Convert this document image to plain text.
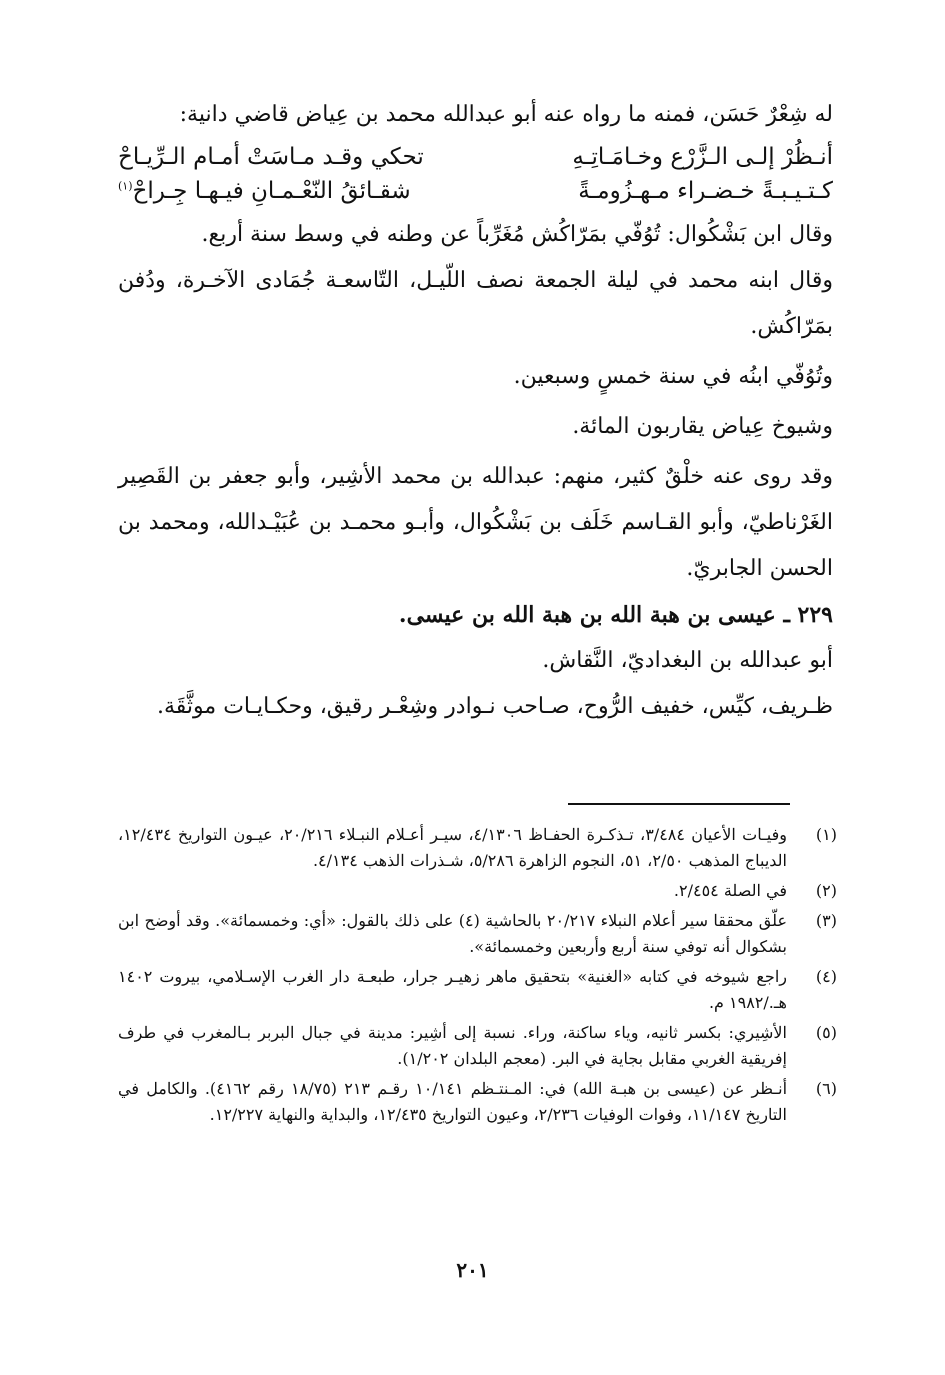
له شِعْرٌ حَسَن، فمنه ما رواه عنه أبو عبدالله محمد بن عِياض قاضي دانية:

أنـظُرْ إلـى الـزَّرْع وخـامَـاتِـهِ
تحكي وقـد مـاسَتْ أمـام الـرِّيـاحْ
كـتـيـبـةً خـضـراء مـهـزُومـةً
شقـائقُ النّعْـمـانِ فيـهـا جِـراحْ$^{(١)}$

وقال ابن بَشْكُوال: تُوُفّي بمَرّاكُش مُغَرِّباً عن وطنه في وسط سنة أربع.

وقال ابنه محمد في ليلة الجمعة نصف اللّيـل، التّاسعـة جُمَادى الآخـرة، ودُفن بمَرّاكُش.

وتُوُفّي ابنُه في سنة خمسٍ وسبعين.

وشيوخ عِياض يقاربون المائة.

وقد روى عنه خلْقٌ كثير، منهم: عبدالله بن محمد الأشِير، وأبو جعفر بن القَصِير الغَرْناطيّ، وأبو القـاسم خَلَف بن بَشْكُوال، وأبـو محمـد بن عُبَيْـدالله، ومحمد بن الحسن الجابريّ.

٢٢٩ ـ عيسى بن هبة الله بن هبة الله بن عيسى.

أبو عبدالله بن البغداديّ، النَّقاش.

ظـريف، كيِّس، خفيف الرُّوح، صـاحب نـوادر وشِعْـر رقيق، وحكـايـات موثَّقَة.

(١)
وفيـات الأعيان ٣/٤٨٤، تـذكـرة الحفـاظ ٤/١٣٠٦، سيـر أعـلام النبـلاء ٢٠/٢١٦، عيـون التواريخ ١٢/٤٣٤، الديباج المذهب ٢/٥٠، ٥١، النجوم الزاهرة ٥/٢٨٦، شـذرات الذهب ٤/١٣٤.
(٢)
في الصلة ٢/٤٥٤.
(٣)
علّق محققا سير أعلام النبلاء ٢٠/٢١٧ بالحاشية (٤) على ذلك بالقول: «أي: وخمسمائة». وقد أوضح ابن بشكوال أنه توفي سنة أربع وأربعين وخمسمائة».
(٤)
راجع شيوخه في كتابه «الغنية» بتحقيق ماهر زهيـر جرار، طبعـة دار الغرب الإسـلامي، بيروت ١٤٠٢ هـ./١٩٨٢ م.
(٥)
الأشِيري: بكسر ثانيه، وياء ساكنة، وراء. نسبة إلى أشِير: مدينة في جبال البربر بـالمغرب في طرف إفريقية الغربي مقابل بجاية في البر. (معجم البلدان ١/٢٠٢).
(٦)
أنـظر عن (عيسى بن هبـة الله) في: المـنتـظم ١٠/١٤١ رقـم ٢١٣ (١٨/٧٥ رقم ٤١٦٢). والكامل في التاريخ ١١/١٤٧، وفوات الوفيات ٢/٢٣٦، وعيون التواريخ ١٢/٤٣٥، والبداية والنهاية ١٢/٢٢٧.
٢٠١
